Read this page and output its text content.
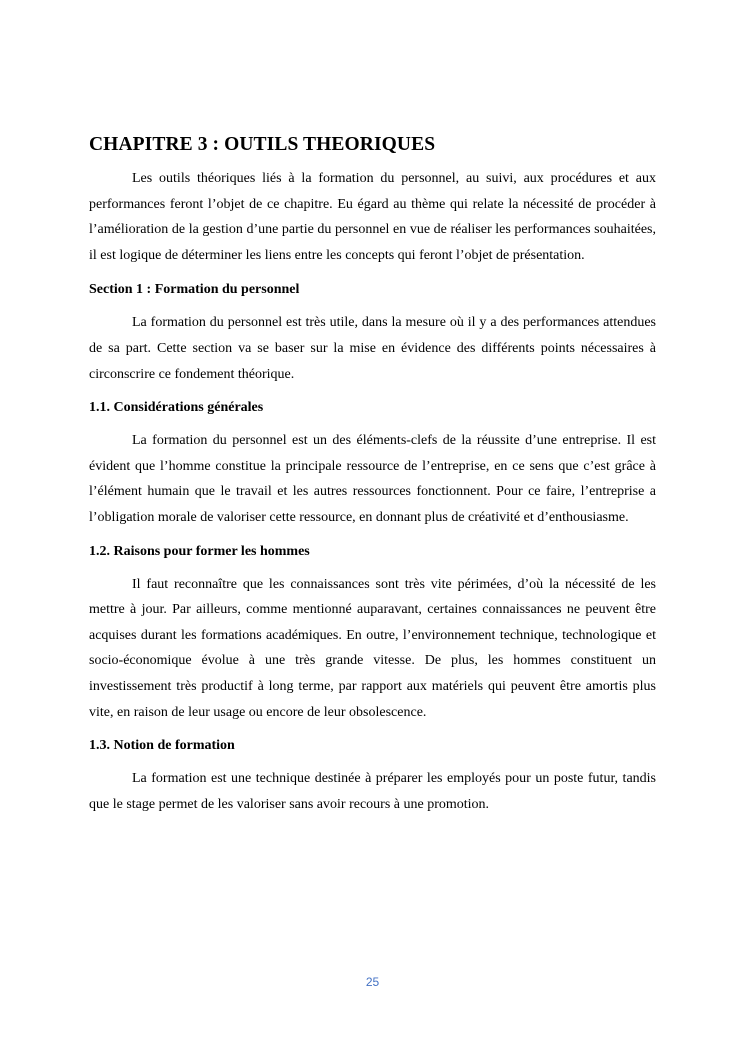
CHAPITRE 3 : OUTILS THEORIQUES

Les outils théoriques liés à la formation du personnel, au suivi, aux procédures et aux performances feront l’objet de ce chapitre. Eu égard au thème qui relate la nécessité de procéder à l’amélioration de la gestion d’une partie du personnel en vue de réaliser les performances souhaitées, il est logique de déterminer les liens entre les concepts qui feront l’objet de présentation.

Section 1 : Formation du personnel

La formation du personnel est très utile, dans la mesure où il y a des performances attendues de sa part. Cette section va se baser sur la mise en évidence des différents points nécessaires à circonscrire ce fondement théorique.

1.1. Considérations générales

La formation du personnel est un des éléments-clefs de la réussite d’une entreprise. Il est évident que l’homme constitue la principale ressource de l’entreprise, en ce sens que c’est grâce à l’élément humain que le travail et les autres ressources fonctionnent. Pour ce faire, l’entreprise a l’obligation morale de valoriser cette ressource, en donnant plus de créativité et d’enthousiasme.

1.2. Raisons pour former les hommes

Il faut reconnaître que les connaissances sont très vite périmées, d’où la nécessité de les mettre à jour. Par ailleurs, comme mentionné auparavant, certaines connaissances ne peuvent être acquises durant les formations académiques. En outre, l’environnement technique, technologique et socio-économique évolue à une très grande vitesse. De plus, les hommes constituent un investissement très productif à long terme, par rapport aux matériels qui peuvent être amortis plus vite, en raison de leur usage ou encore de leur obsolescence.

1.3. Notion de formation

La formation est une technique destinée à préparer les employés pour un poste futur, tandis que le stage permet de les valoriser sans avoir recours à une promotion.

25
